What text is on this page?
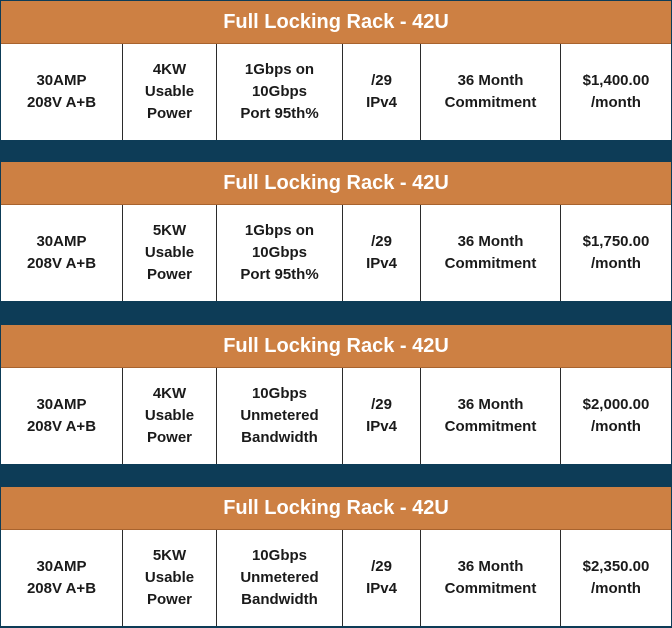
Full Locking Rack - 42U
30AMP
208V A+B
4KW
Usable
Power
1Gbps on
10Gbps
Port 95th%
/29
IPv4
36 Month
Commitment
$1,400.00
/month
Full Locking Rack - 42U
30AMP
208V A+B
5KW
Usable
Power
1Gbps on
10Gbps
Port 95th%
/29
IPv4
36 Month
Commitment
$1,750.00
/month
Full Locking Rack - 42U
30AMP
208V A+B
4KW
Usable
Power
10Gbps
Unmetered
Bandwidth
/29
IPv4
36 Month
Commitment
$2,000.00
/month
Full Locking Rack - 42U
30AMP
208V A+B
5KW
Usable
Power
10Gbps
Unmetered
Bandwidth
/29
IPv4
36 Month
Commitment
$2,350.00
/month
